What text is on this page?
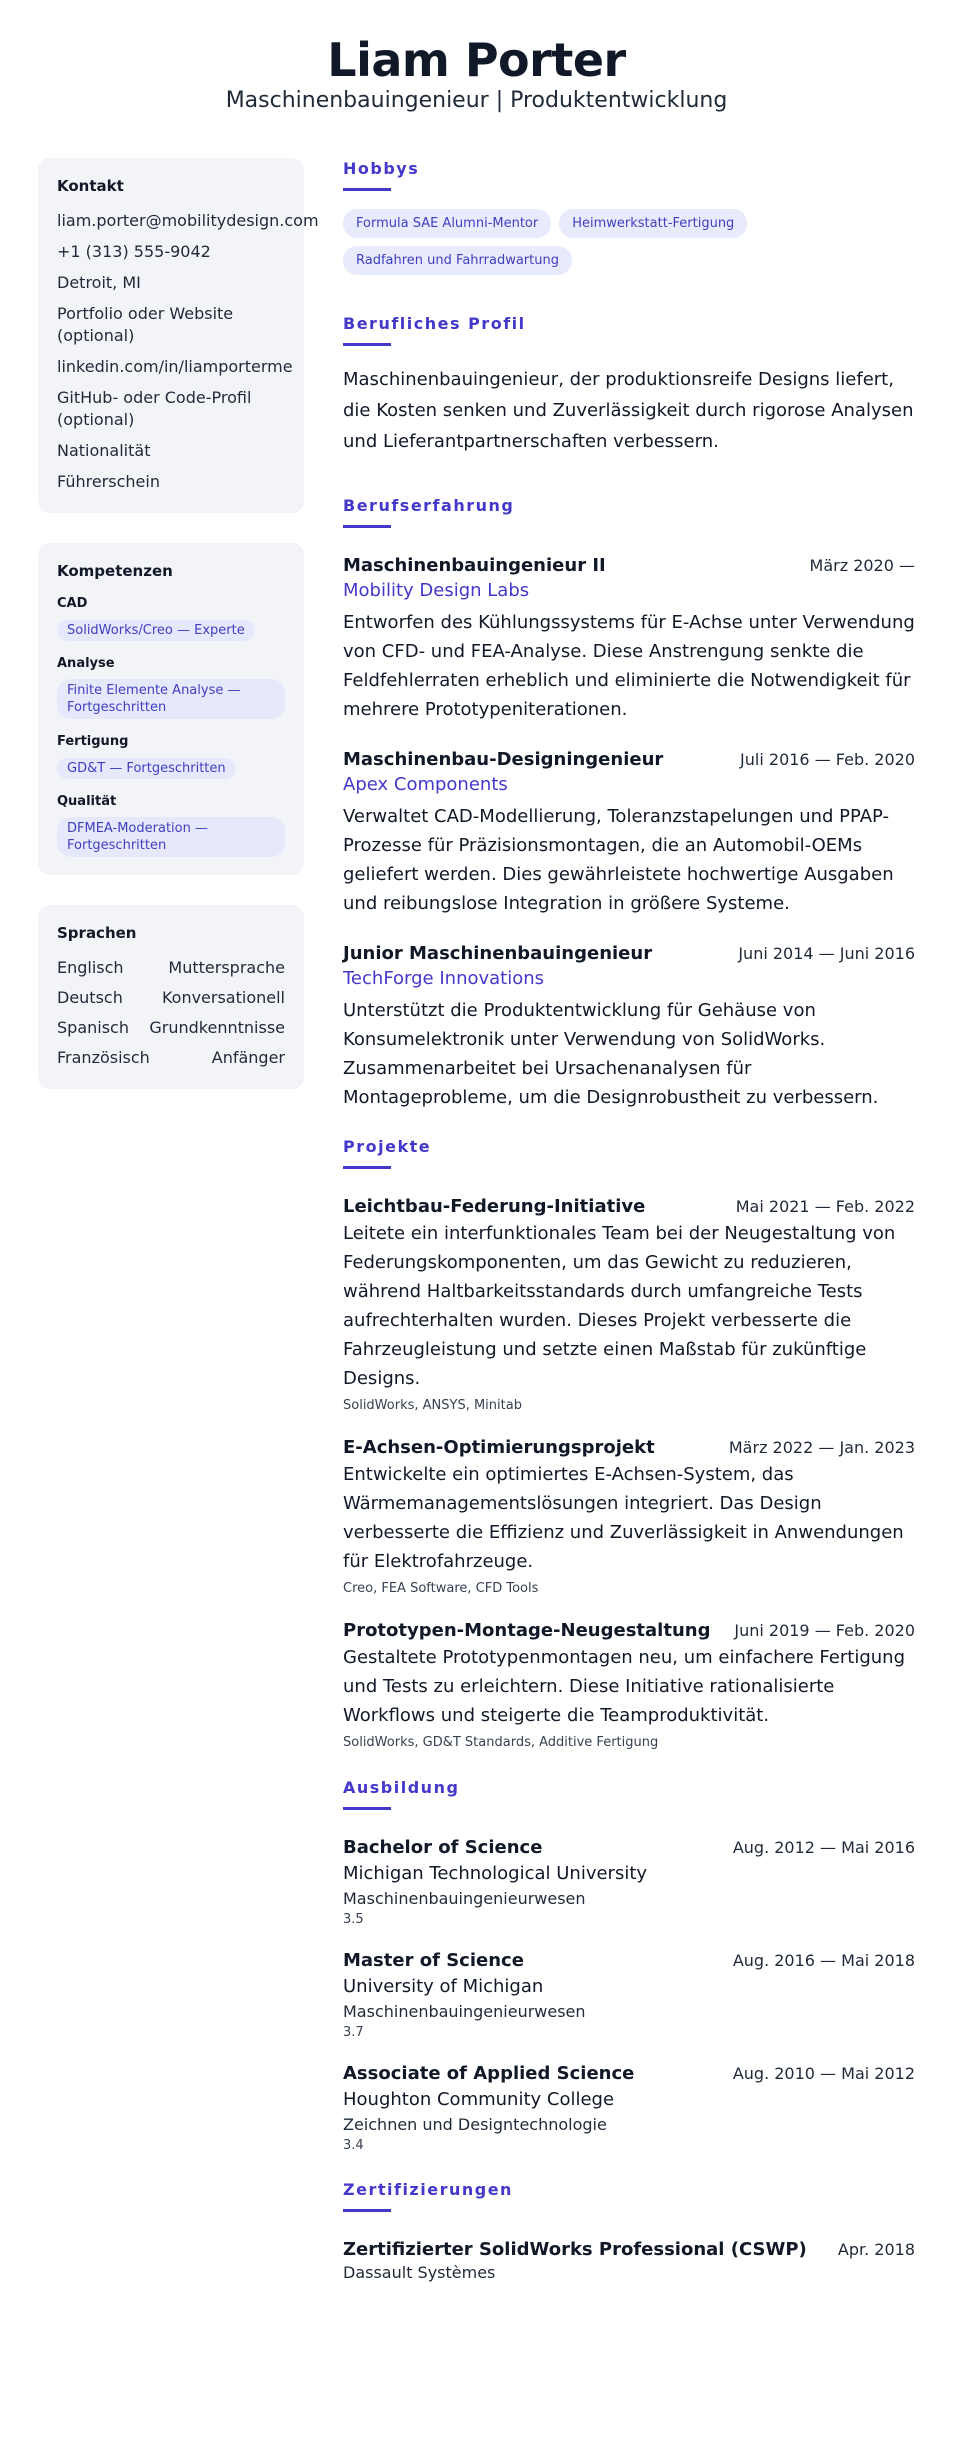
Liam Porter
Maschinenbauingenieur | Produktentwicklung
Kontakt
liam.porter@mobilitydesign.com
+1 (313) 555-9042
Detroit, MI
Portfolio oder Website (optional)
linkedin.com/in/liamporterme
GitHub- oder Code-Profil (optional)
Nationalität
Führerschein
Kompetenzen
CAD
SolidWorks/Creo — Experte
Analyse
Finite Elemente Analyse — Fortgeschritten
Fertigung
GD&T — Fortgeschritten
Qualität
DFMEA-Moderation — Fortgeschritten
Sprachen
Englisch	Muttersprache
Deutsch Konversationell
Spanisch Grundkenntnisse
Französisch	Anfänger
Hobbys
Formula SAE Alumni-Mentor	Heimwerkstatt-FertigungRadfahren und Fahrradwartung
Berufliches Profil

Maschinenbauingenieur, der produktionsreife Designs liefert, die Kosten senken und Zuverlässigkeit durch rigorose Analysen und Lieferantpartnerschaften verbessern.

Berufserfahrung
Maschinenbauingenieur II	März 2020 —
Mobility Design Labs

Entworfen des Kühlungssystems für E-Achse unter Verwendung von CFD- und FEA-Analyse. Diese Anstrengung senkte die Feldfehlerraten erheblich und eliminierte die Notwendigkeit für mehrere Prototypeniterationen.

Maschinenbau-Designingenieur	Juli 2016 — Feb. 2020
Apex Components

Verwaltet CAD-Modellierung, Toleranzstapelungen und PPAP-Prozesse für Präzisionsmontagen, die an Automobil-OEMs geliefert werden. Dies gewährleistete hochwertige Ausgaben und reibungslose Integration in größere Systeme.

Junior Maschinenbauingenieur	Juni 2014 — Juni 2016
TechForge Innovations

Unterstützt die Produktentwicklung für Gehäuse von Konsumelektronik unter Verwendung von SolidWorks. Zusammenarbeitet bei Ursachenanalysen für Montageprobleme, um die Designrobustheit zu verbessern.

Projekte
Leichtbau-Federung-Initiative	Mai 2021 — Feb. 2022

Leitete ein interfunktionales Team bei der Neugestaltung von Federungskomponenten, um das Gewicht zu reduzieren, während Haltbarkeitsstandards durch umfangreiche Tests aufrechterhalten wurden. Dieses Projekt verbesserte die Fahrzeugleistung und setzte einen Maßstab für zukünftige Designs.

SolidWorks, ANSYS, Minitab
E-Achsen-Optimierungsprojekt	März 2022 — Jan. 2023

Entwickelte ein optimiertes E-Achsen-System, das Wärmemanagementslösungen integriert. Das Design verbesserte die Effizienz und Zuverlässigkeit in Anwendungen für Elektrofahrzeuge.

Creo, FEA Software, CFD Tools
Prototypen-Montage-Neugestaltung Juni 2019 — Feb. 2020

Gestaltete Prototypenmontagen neu, um einfachere Fertigung und Tests zu erleichtern. Diese Initiative rationalisierte Workflows und steigerte die Teamproduktivität.

SolidWorks, GD&T Standards, Additive Fertigung
Ausbildung
Bachelor of Science	Aug. 2012 — Mai 2016
Michigan Technological University
Maschinenbauingenieurwesen
3.5
Master of Science	Aug. 2016 — Mai 2018
University of Michigan
Maschinenbauingenieurwesen
3.7
Associate of Applied Science	Aug. 2010 — Mai 2012
Houghton Community College
Zeichnen und Designtechnologie
3.4
Zertifizierungen
Zertifizierter SolidWorks Professional (CSWP) Apr. 2018
Dassault Systèmes
